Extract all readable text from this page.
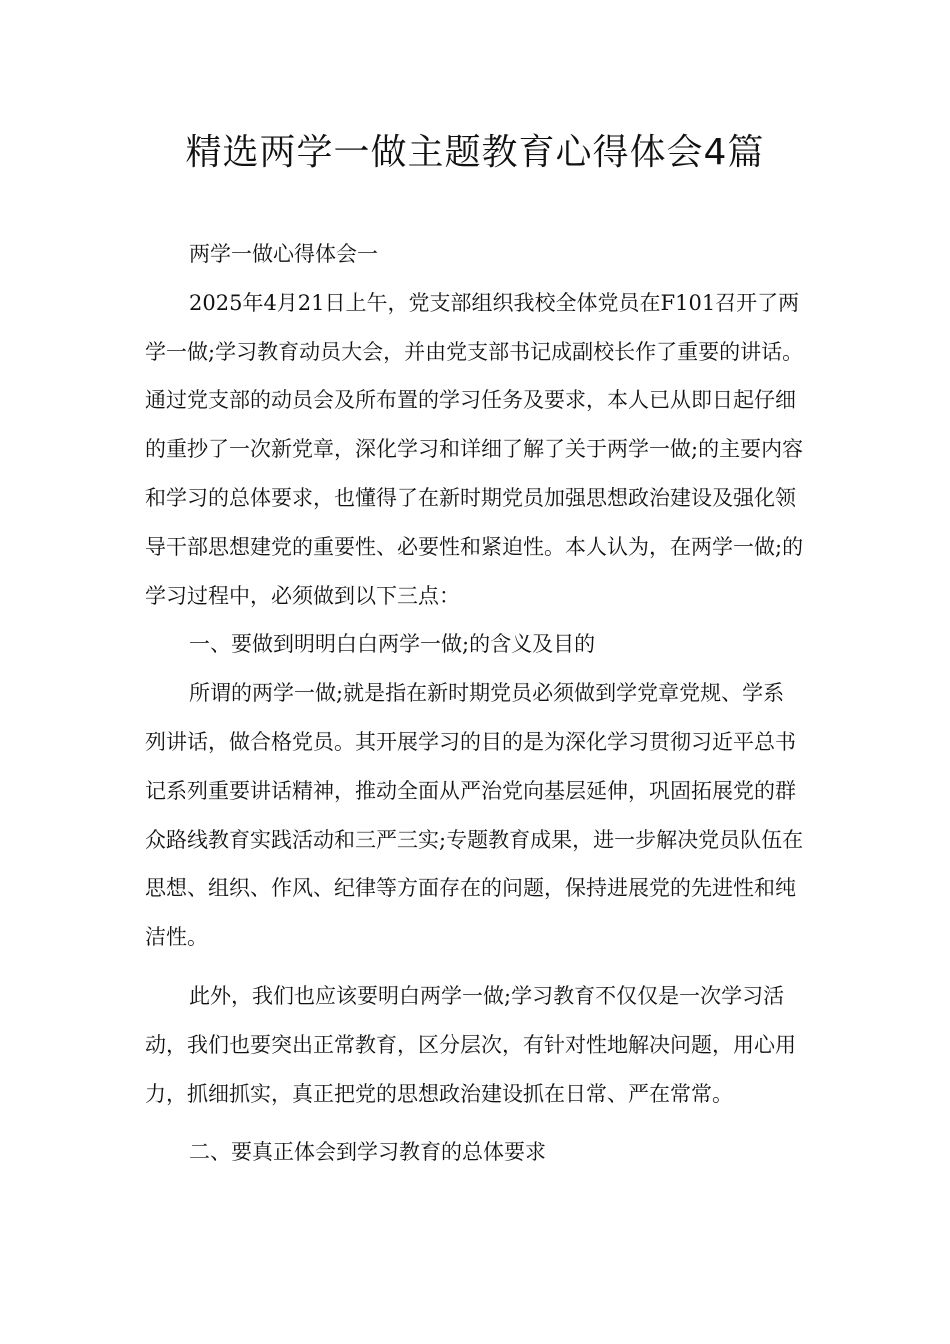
精选两学一做主题教育心得体会4篇

两学一做心得体会一

2025年4月21日上午，党支部组织我校全体党员在F101召开了两学一做;学习教育动员大会，并由党支部书记成副校长作了重要的讲话。通过党支部的动员会及所布置的学习任务及要求，本人已从即日起仔细的重抄了一次新党章，深化学习和详细了解了关于两学一做;的主要内容和学习的总体要求，也懂得了在新时期党员加强思想政治建设及强化领导干部思想建党的重要性、必要性和紧迫性。本人认为，在两学一做;的学习过程中，必须做到以下三点：

一、要做到明明白白两学一做;的含义及目的

所谓的两学一做;就是指在新时期党员必须做到学党章党规、学系列讲话，做合格党员。其开展学习的目的是为深化学习贯彻习近平总书记系列重要讲话精神，推动全面从严治党向基层延伸，巩固拓展党的群众路线教育实践活动和三严三实;专题教育成果，进一步解决党员队伍在思想、组织、作风、纪律等方面存在的问题，保持进展党的先进性和纯洁性。

此外，我们也应该要明白两学一做;学习教育不仅仅是一次学习活动，我们也要突出正常教育，区分层次，有针对性地解决问题，用心用力，抓细抓实，真正把党的思想政治建设抓在日常、严在常常。

二、要真正体会到学习教育的总体要求
